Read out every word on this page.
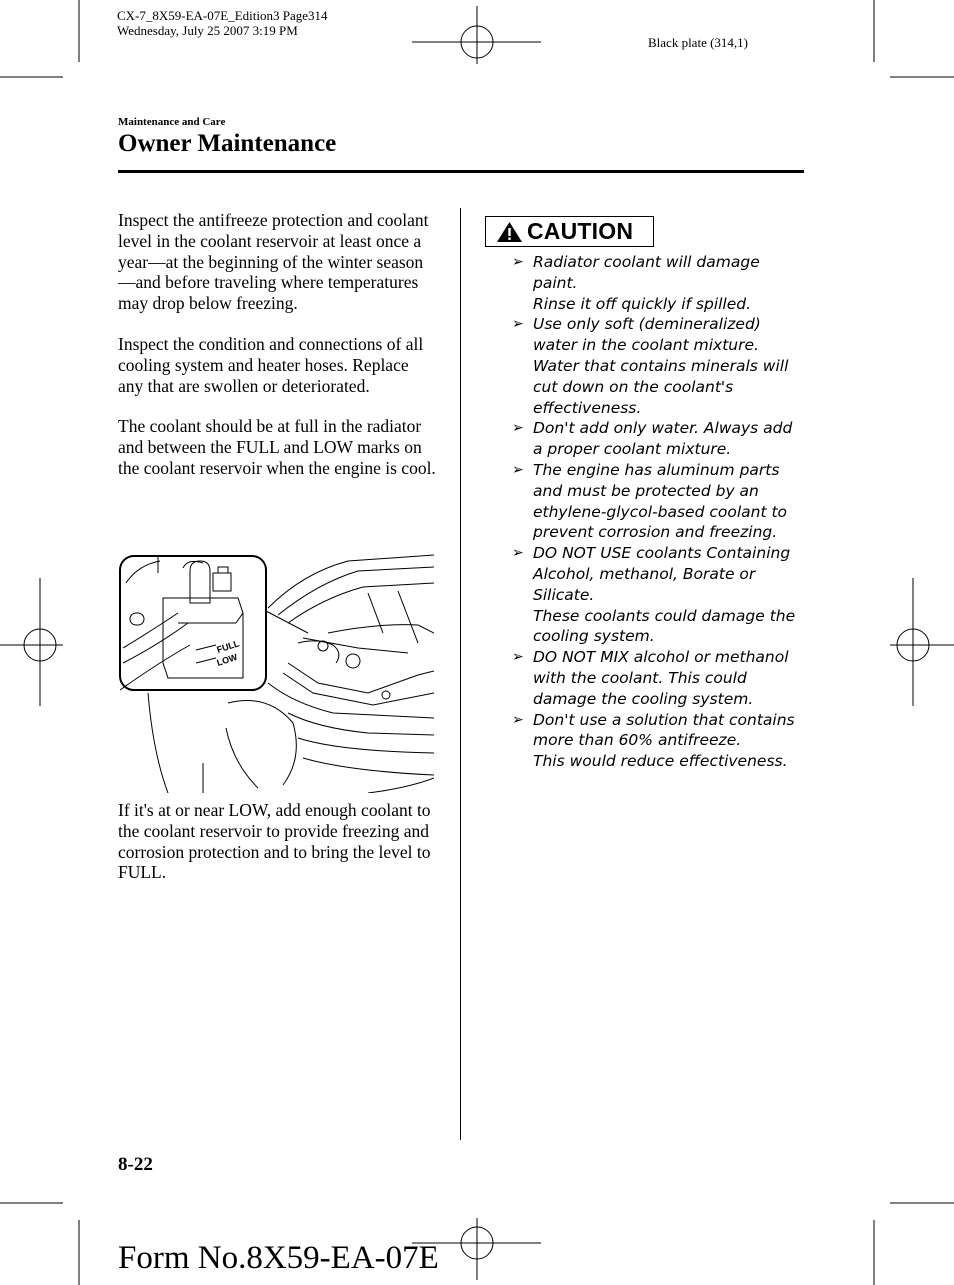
CX-7_8X59-EA-07E_Edition3 Page314
Wednesday, July 25 2007 3:19 PM
Black plate (314,1)
Maintenance and Care
Owner Maintenance

Inspect the antifreeze protection and coolant level in the coolant reservoir at least once a year—at the beginning of the winter season—and before traveling where temperatures may drop below freezing.

Inspect the condition and connections of all cooling system and heater hoses. Replace any that are swollen or deteriorated.

The coolant should be at full in the radiator and between the FULL and LOW marks on the coolant reservoir when the engine is cool.

FULL
LOW

If it's at or near LOW, add enough coolant to the coolant reservoir to provide freezing and corrosion protection and to bring the level to FULL.

CAUTION
➢ Radiator coolant will damage
paint.
Rinse it off quickly if spilled.
➢ Use only soft (demineralized)
water in the coolant mixture.
Water that contains minerals will
cut down on the coolant's
effectiveness.
➢ Don't add only water. Always add
a proper coolant mixture.
➢ The engine has aluminum parts
and must be protected by an
ethylene-glycol-based coolant to
prevent corrosion and freezing.
➢ DO NOT USE coolants Containing
Alcohol, methanol, Borate or
Silicate.
These coolants could damage the
cooling system.
➢ DO NOT MIX alcohol or methanol
with the coolant. This could
damage the cooling system.
➢ Don't use a solution that contains
more than 60% antifreeze.
This would reduce effectiveness.
8-22
Form No.8X59-EA-07E
